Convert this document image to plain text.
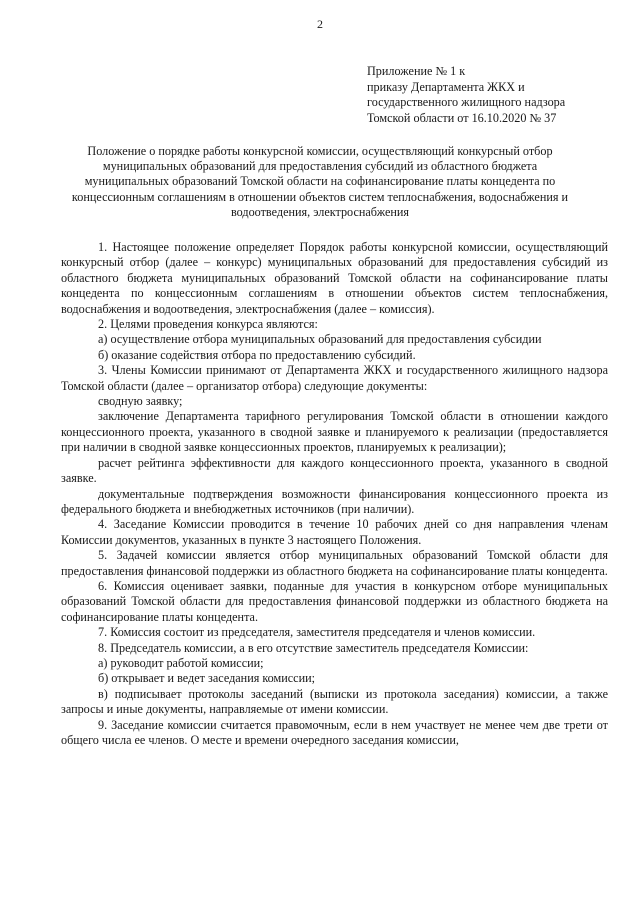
2
Приложение № 1 к
приказу Департамента ЖКХ и
государственного жилищного надзора
Томской области от 16.10.2020 № 37
Положение о порядке работы конкурсной комиссии, осуществляющий конкурсный отбор муниципальных образований для предоставления субсидий из областного бюджета муниципальных образований Томской области на софинансирование платы концедента по концессионным соглашениям в отношении объектов систем теплоснабжения, водоснабжения и водоотведения, электроснабжения

1. Настоящее положение определяет Порядок работы конкурсной комиссии, осуществляющий конкурсный отбор (далее – конкурс) муниципальных образований для предоставления субсидий из областного бюджета муниципальных образований Томской области на софинансирование платы концедента по концессионным соглашениям в отношении объектов систем теплоснабжения, водоснабжения и водоотведения, электроснабжения (далее – комиссия).

2. Целями проведения конкурса являются:

а) осуществление отбора муниципальных образований для предоставления субсидии

б) оказание содействия отбора по предоставлению субсидий.

3. Члены Комиссии принимают от Департамента ЖКХ и государственного жилищного надзора Томской области (далее – организатор отбора) следующие документы:

сводную заявку;

заключение Департамента тарифного регулирования Томской области в отношении каждого концессионного проекта, указанного в сводной заявке и планируемого к реализации (предоставляется при наличии в сводной заявке концессионных проектов, планируемых к реализации);

расчет рейтинга эффективности для каждого концессионного проекта, указанного в сводной заявке.

документальные подтверждения возможности финансирования концессионного проекта из федерального бюджета и внебюджетных источников (при наличии).

4. Заседание Комиссии проводится в течение 10 рабочих дней со дня направления членам Комиссии документов, указанных в пункте 3 настоящего Положения.

5. Задачей комиссии является отбор муниципальных образований Томской области для предоставления финансовой поддержки из областного бюджета на софинансирование платы концедента.

6. Комиссия оценивает заявки, поданные для участия в конкурсном отборе муниципальных образований Томской области для предоставления финансовой поддержки из областного бюджета на софинансирование платы концедента.

7. Комиссия состоит из председателя, заместителя председателя и членов комиссии.

8. Председатель комиссии, а в его отсутствие заместитель председателя Комиссии:

а) руководит работой комиссии;

б) открывает и ведет заседания комиссии;

в) подписывает протоколы заседаний (выписки из протокола заседания) комиссии, а также запросы и иные документы, направляемые от имени комиссии.

9. Заседание комиссии считается правомочным, если в нем участвует не менее чем две трети от общего числа ее членов. О месте и времени очередного заседания комиссии,
